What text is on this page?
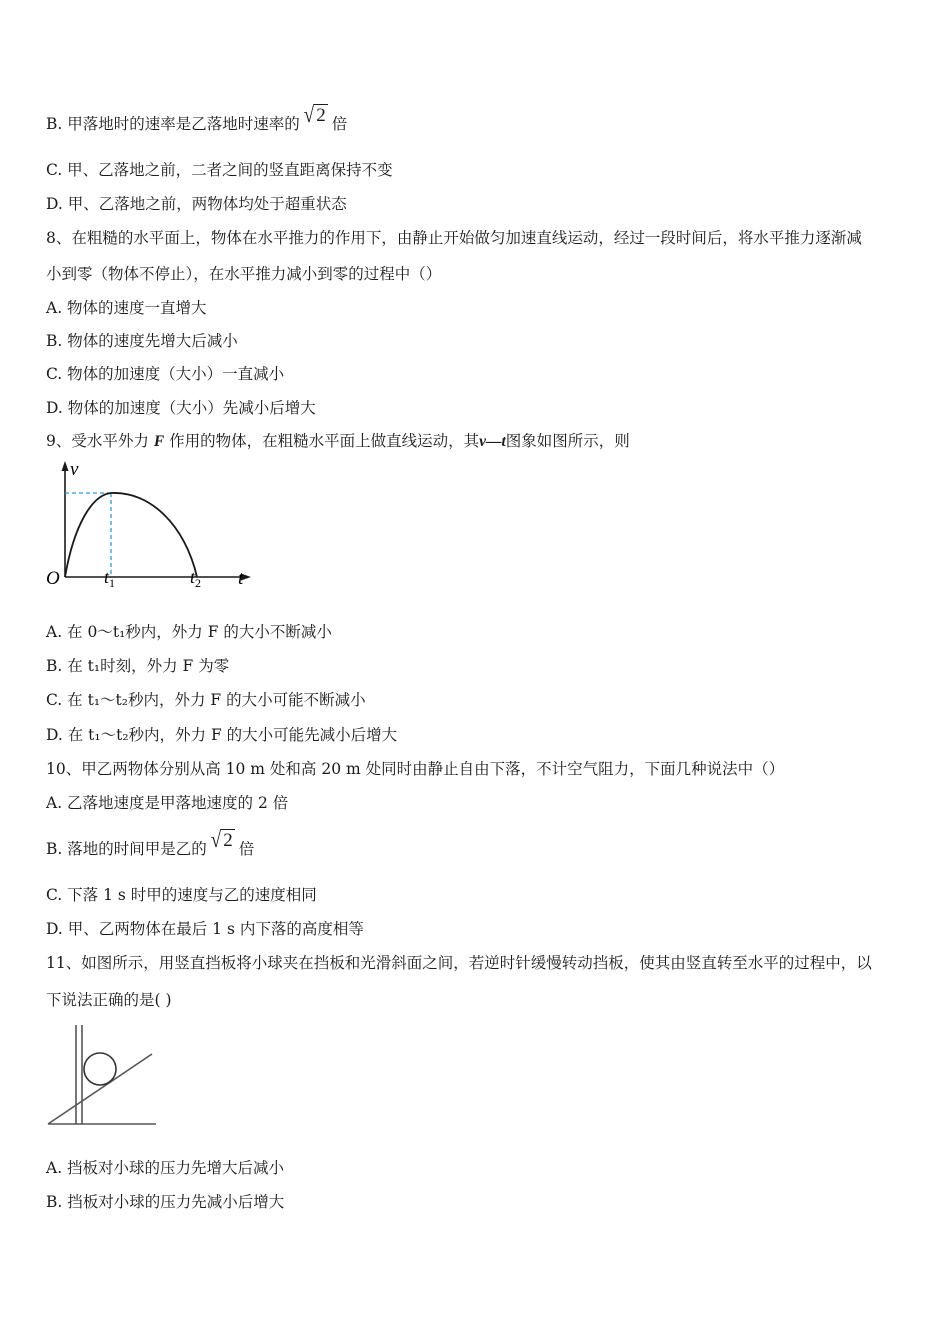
B. 甲落地时的速率是乙落地时速率的 √ 2 倍
C. 甲、乙落地之前，二者之间的竖直距离保持不变
D. 甲、乙落地之前，两物体均处于超重状态
8、在粗糙的水平面上，物体在水平推力的作用下，由静止开始做匀加速直线运动，经过一段时间后，将水平推力逐渐减
小到零（物体不停止），在水平推力减小到零的过程中（）
A. 物体的速度一直增大
B. 物体的速度先增大后减小
C. 物体的加速度（大小）一直减小
D. 物体的加速度（大小）先减小后增大
9、受水平外力 F 作用的物体，在粗糙水平面上做直线运动，其v—t图象如图所示，则
v
t
O $t_1$	$t_2$
A. 在 0～t₁秒内，外力 F 的大小不断减小
B. 在 t₁时刻，外力 F 为零
C. 在 t₁～t₂秒内，外力 F 的大小可能不断减小
D. 在 t₁～t₂秒内，外力 F 的大小可能先减小后增大
10、甲乙两物体分别从高 10 m 处和高 20 m 处同时由静止自由下落，不计空气阻力，下面几种说法中（）
A. 乙落地速度是甲落地速度的 2 倍
B. 落地的时间甲是乙的 √ 2 倍
C. 下落 1 s 时甲的速度与乙的速度相同
D. 甲、乙两物体在最后 1 s 内下落的高度相等
11、如图所示，用竖直挡板将小球夹在挡板和光滑斜面之间，若逆时针缓慢转动挡板，使其由竖直转至水平的过程中，以
下说法正确的是( )
A. 挡板对小球的压力先增大后减小
B. 挡板对小球的压力先减小后增大
